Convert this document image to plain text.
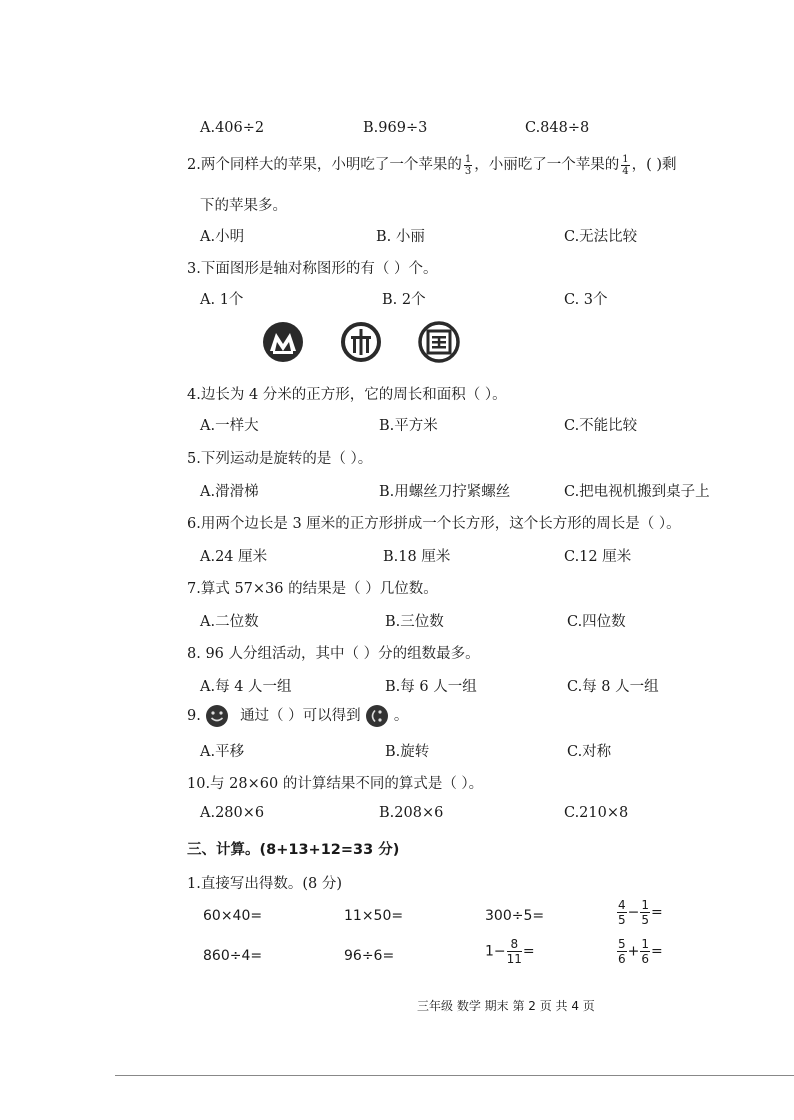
A.406÷2	B.969÷3	C.848÷8
2.两个同样大的苹果，小明吃了一个苹果的 $\frac{1}{3}$ ，小丽吃了一个苹果的 $\frac{1}{4}$ ，( )剩
下的苹果多。
A.小明	B. 小丽	C.无法比较
3.下面图形是轴对称图形的有（ ）个。
A. 1个	B. 2个	C. 3个
4.边长为 4 分米的正方形，它的周长和面积（ ）。
A.一样大	B.平方米	C.不能比较
5.下列运动是旋转的是（ ）。
A.滑滑梯	B.用螺丝刀拧紧螺丝	C.把电视机搬到桌子上
6.用两个边长是 3 厘米的正方形拼成一个长方形，这个长方形的周长是（ ）。
A.24 厘米	B.18 厘米	C.12 厘米
7.算式 57×36 的结果是（ ）几位数。
A.二位数	B.三位数	C.四位数
8. 96 人分组活动，其中（ ）分的组数最多。
A.每 4 人一组	B.每 6 人一组	C.每 8 人一组
9.	通过（ ）可以得到 。
A.平移	B.旋转	C.对称
10.与 28×60 的计算结果不同的算式是（ ）。
A.280×6	B.208×6	C.210×8
三、计算。(8+13+12=33 分)
1.直接写出得数。(8 分)
60×40=	11×50=	300÷5=	$\frac{4}{5} - \frac{1}{5}$ =
860÷4=	96÷6=	$1- \frac{8}{11}$ =	$\frac{5}{6} + \frac{1}{6}$ =
三年级 数学 期末 第 2 页 共 4 页
